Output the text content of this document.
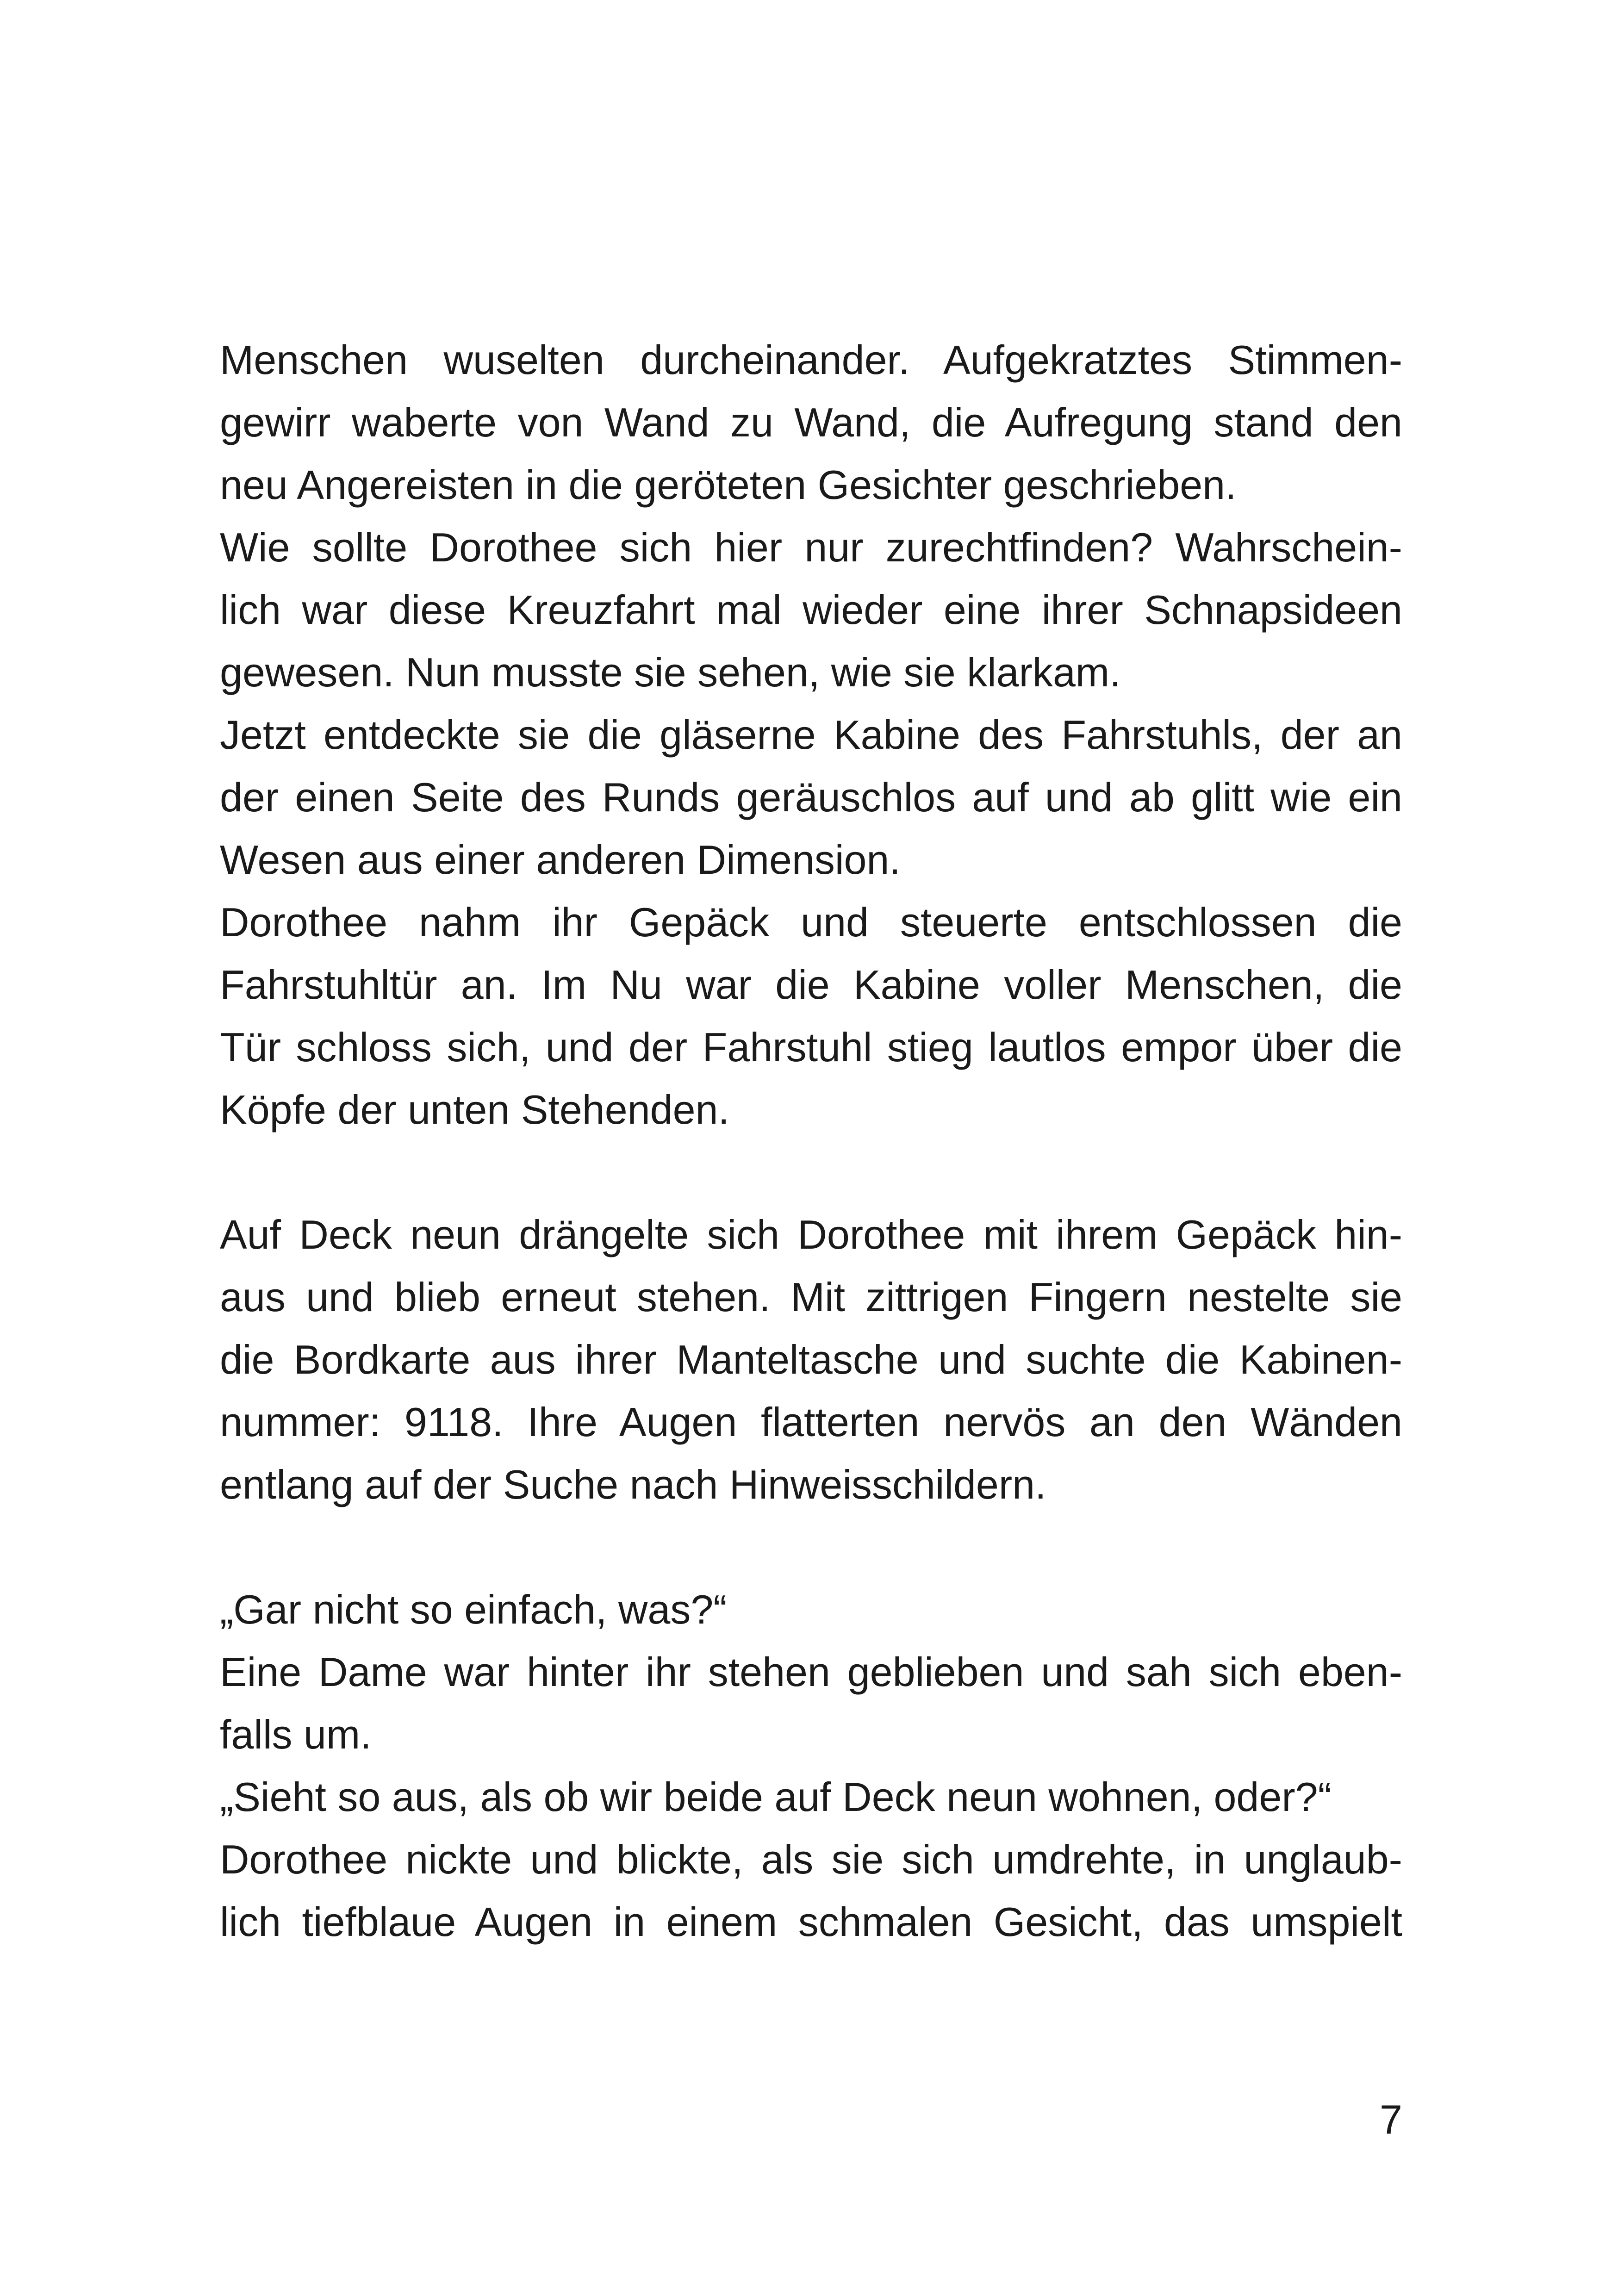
Menschen wuselten durcheinander. Aufgekratztes Stimmen-
gewirr waberte von Wand zu Wand, die Aufregung stand den
neu Angereisten in die geröteten Gesichter geschrieben.
Wie sollte Dorothee sich hier nur zurechtfinden? Wahrschein-
lich war diese Kreuzfahrt mal wieder eine ihrer Schnapsideen
gewesen. Nun musste sie sehen, wie sie klarkam.
Jetzt entdeckte sie die gläserne Kabine des Fahrstuhls, der an
der einen Seite des Runds geräuschlos auf und ab glitt wie ein
Wesen aus einer anderen Dimension.
Dorothee nahm ihr Gepäck und steuerte entschlossen die
Fahrstuhltür an. Im Nu war die Kabine voller Menschen, die
Tür schloss sich, und der Fahrstuhl stieg lautlos empor über die
Köpfe der unten Stehenden.
Auf Deck neun drängelte sich Dorothee mit ihrem Gepäck hin-
aus und blieb erneut stehen. Mit zittrigen Fingern nestelte sie
die Bordkarte aus ihrer Manteltasche und suchte die Kabinen-
nummer: 9118. Ihre Augen flatterten nervös an den Wänden
entlang auf der Suche nach Hinweisschildern.
„Gar nicht so einfach, was?“
Eine Dame war hinter ihr stehen geblieben und sah sich eben-
falls um.
„Sieht so aus, als ob wir beide auf Deck neun wohnen, oder?“
Dorothee nickte und blickte, als sie sich umdrehte, in unglaub-
lich tiefblaue Augen in einem schmalen Gesicht, das umspielt
7
